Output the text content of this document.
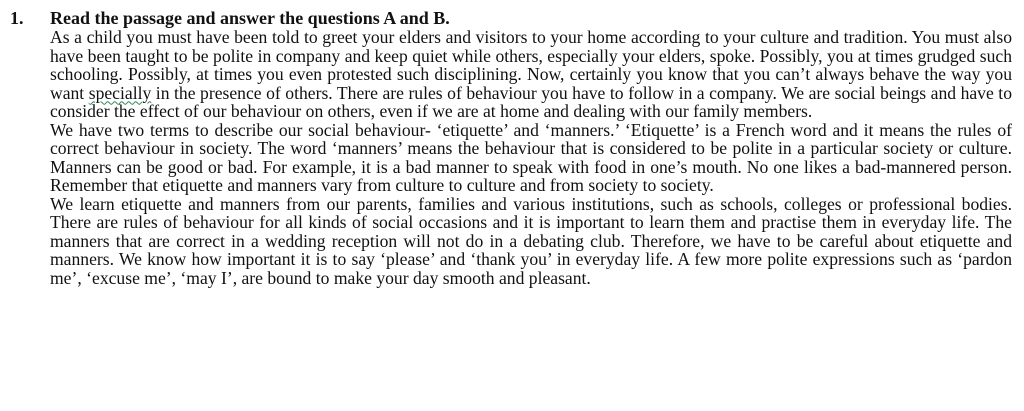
1.	Read the passage and answer the questions A and B.

As a child you must have been told to greet your elders and visitors to your home according to your culture and tradition. You must also have been taught to be polite in company and keep quiet while others, especially your elders, spoke. Possibly, you at times grudged such schooling. Possibly, at times you even protested such disciplining. Now, certainly you know that you can’t always behave the way you want specially in the presence of others. There are rules of behaviour you have to follow in a company. We are social beings and have to consider the effect of our behaviour on others, even if we are at home and dealing with our family members.

We have two terms to describe our social behaviour- ‘etiquette’ and ‘manners.’ ‘Etiquette’ is a French word and it means the rules of correct behaviour in society. The word ‘manners’ means the behaviour that is considered to be polite in a particular society or culture. Manners can be good or bad. For example, it is a bad manner to speak with food in one’s mouth. No one likes a bad-mannered person. Remember that etiquette and manners vary from culture to culture and from society to society.

We learn etiquette and manners from our parents, families and various institutions, such as schools, colleges or professional bodies. There are rules of behaviour for all kinds of social occasions and it is important to learn them and practise them in everyday life. The manners that are correct in a wedding reception will not do in a debating club. Therefore, we have to be careful about etiquette and manners. We know how important it is to say ‘please’ and ‘thank you’ in everyday life. A few more polite expressions such as ‘pardon me’, ‘excuse me’, ‘may I’, are bound to make your day smooth and pleasant.
